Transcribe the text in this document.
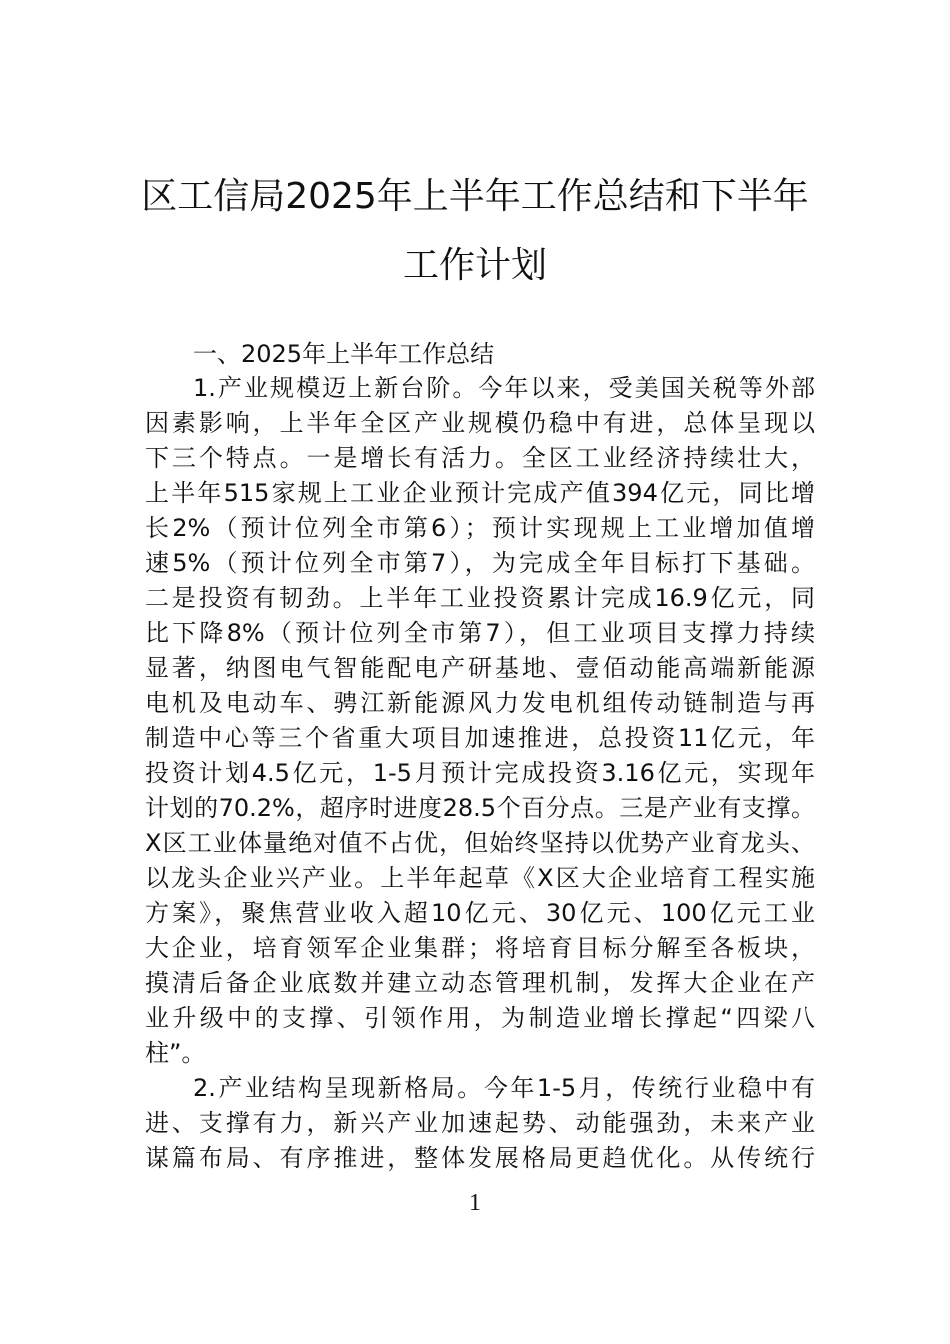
区工信局2025年上半年工作总结和下半年
工作计划
一、2025年上半年工作总结
1.产业规模迈上新台阶。今年以来，受美国关税等外部
因素影响，上半年全区产业规模仍稳中有进，总体呈现以
下三个特点。一是增长有活力。全区工业经济持续壮大，
上半年515家规上工业企业预计完成产值394亿元，同比增
长2%（预计位列全市第6）；预计实现规上工业增加值增
速5%（预计位列全市第7），为完成全年目标打下基础。
二是投资有韧劲。上半年工业投资累计完成16.9亿元，同
比下降8%（预计位列全市第7），但工业项目支撑力持续
显著，纳图电气智能配电产研基地、壹佰动能高端新能源
电机及电动车、骋江新能源风力发电机组传动链制造与再
制造中心等三个省重大项目加速推进，总投资11亿元，年
投资计划4.5亿元，1-5月预计完成投资3.16亿元，实现年
计划的70.2%，超序时进度28.5个百分点。三是产业有支撑。
X区工业体量绝对值不占优，但始终坚持以优势产业育龙头、
以龙头企业兴产业。上半年起草《X区大企业培育工程实施
方案》，聚焦营业收入超10亿元、30亿元、100亿元工业
大企业，培育领军企业集群；将培育目标分解至各板块，
摸清后备企业底数并建立动态管理机制，发挥大企业在产
业升级中的支撑、引领作用，为制造业增长撑起“四梁八
柱”。
2.产业结构呈现新格局。今年1-5月，传统行业稳中有
进、支撑有力，新兴产业加速起势、动能强劲，未来产业
谋篇布局、有序推进，整体发展格局更趋优化。从传统行
1
